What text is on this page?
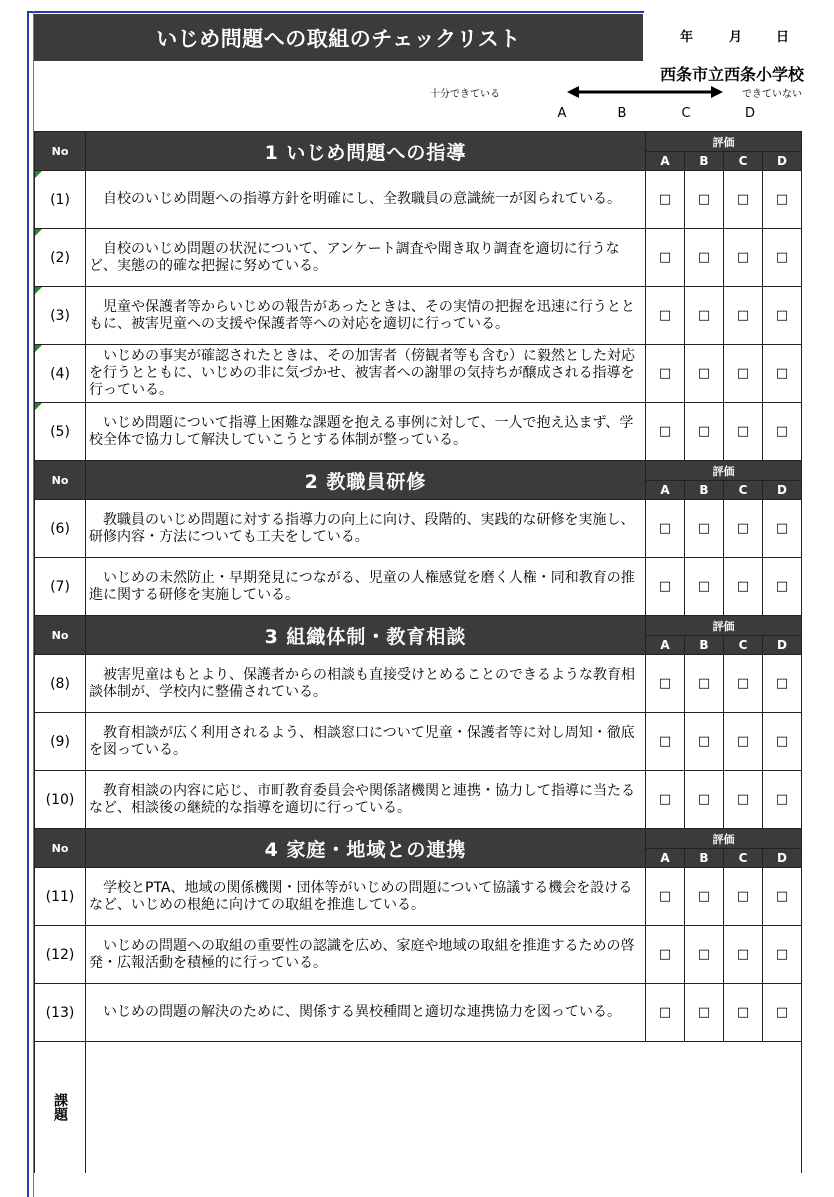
いじめ問題への取組のチェックリスト	年	月	日
西条市立西条小学校
十分できている	できていない
A	B	C	D
No	1 いじめ問題への指導	評価			
		A	B	C	D

(1)	　自校のいじめ問題への指導方針を明確にし、全教職員の意識統一が図られている。	□	□	□	□

(2)	　自校のいじめ問題の状況について、アンケート調査や聞き取り調査を適切に行うなど、実態の的確な把握に努めている。	□	□	□	□

(3)	　児童や保護者等からいじめの報告があったときは、その実情の把握を迅速に行うとともに、被害児童への支援や保護者等への対応を適切に行っている。	□	□	□	□

(4)	　いじめの事実が確認されたときは、その加害者（傍観者等も含む）に毅然とした対応を行うとともに、いじめの非に気づかせ、被害者への謝罪の気持ちが醸成される指導を行っている。	□	□	□	□

(5)	　いじめ問題について指導上困難な課題を抱える事例に対して、一人で抱え込まず、学校全体で協力して解決していこうとする体制が整っている。	□	□	□	□
No	2 教職員研修	評価			
		A	B	C	D
(6)	　教職員のいじめ問題に対する指導力の向上に向け、段階的、実践的な研修を実施し、研修内容・方法についても工夫をしている。	□	□	□	□
(7)	　いじめの未然防止・早期発見につながる、児童の人権感覚を磨く人権・同和教育の推進に関する研修を実施している。	□	□	□	□
No	3 組織体制・教育相談	評価			
		A	B	C	D
(8)	　被害児童はもとより、保護者からの相談も直接受けとめることのできるような教育相談体制が、学校内に整備されている。	□	□	□	□
(9)	　教育相談が広く利用されるよう、相談窓口について児童・保護者等に対し周知・徹底を図っている。	□	□	□	□
(10)	　教育相談の内容に応じ、市町教育委員会や関係諸機関と連携・協力して指導に当たるなど、相談後の継続的な指導を適切に行っている。	□	□	□	□
No	4 家庭・地域との連携	評価			
		A	B	C	D
(11)	　学校とPTA、地域の関係機関・団体等がいじめの問題について協議する機会を設けるなど、いじめの根絶に向けての取組を推進している。	□	□	□	□
(12)	　いじめの問題への取組の重要性の認識を広め、家庭や地域の取組を推進するための啓発・広報活動を積極的に行っている。	□	□	□	□
(13)	　いじめの問題の解決のために、関係する異校種間と適切な連携協力を図っている。	□	□	□	□
課題					
